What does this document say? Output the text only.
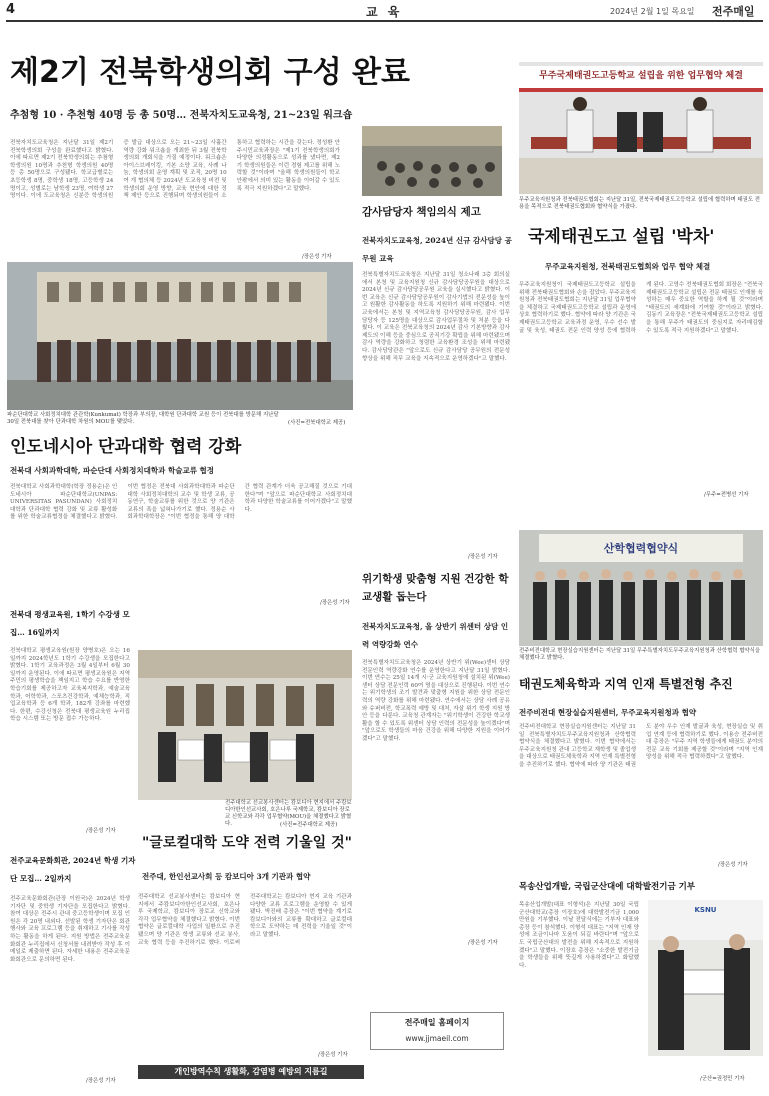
4	교 육	2024년 2월 1일 목요일 전주매일
제2기 전북학생의회 구성 완료
추첨형 10 · 추천형 40명 등 총 50명… 전북자치도교육청, 21~23일 워크숍
전북자치도교육청은 지난달 31일 제2기 전북학생의회 구성을 완료했다고 밝혔다. 이에 따르면 제2기 전북학생의회는 추첨형 학생의원 10명과 추천형 학생의원 40명 등 총 50명으로 구성됐다. 학교급별로는 초등학생 8명, 중학생 18명, 고등학생 24명이고, 성별로는 남학생 23명, 여학생 27명이다. 이에 도교육청은 신분증 학생의원증 발급 대상으로 오는 21~23일 사흘간 역량 강화 워크숍을 개최한 뒤 3월 전북학생의회 개회식을 가질 예정이다. 워크숍은 아이스브레이킹, 기본 소양 교육, 사례 나눔, 학생의회 운영 계획 및 조직, 20명 10여 개 협의체 등 2024년 도교육청 비전 및 학생의회 운영 방향, 교육 현안에 대한 정책 제안 등으로 진행되며 학생의원들이 소통하고 협력하는 시간을 갖는다. 정성환 안주시민교육과장은 "제1기 전북학생의회가 다양한 의정활동으로 성과를 냈다면, 제2기 학생의원들은 이런 경험 제고를 위해 노력할 것"이라며 "올해 학생의원들이 학교 안팎에서 의미 있는 활동을 이어갈 수 있도록 적극 지원하겠다"고 말했다.
/장은성 기자
감사담당자 책임의식 제고
전북자치도교육청, 2024년 신규 감사담당 공무원 교육
전북특별자치도교육청은 지난달 31일 청소나래 3층 회의실에서 본청 및 교육지원청 신규 감사담당공무원을 대상으로 2024년 신규 감사담당공무원 교육을 실시했다고 밝혔다. 이번 교육은 신규 감사담당공무원이 감사기법의 전문성을 높이고 원활한 감사활동을 하도록 지원하기 위해 마련됐다. 이번 교육에서는 본청 및 지역교육청 감사담당공무원, 감사 업무 담당자 등 125명을 대상으로 감사업무절차 및 처분 등을 다뤘다. 이 교육은 전북교육청의 2024년 감사 기본방향과 감사제도의 이해 등을 중심으로 공직기강 확립을 위해 마련됐으며 감사 역량을 강화하고 청렴한 교육환경 조성을 위해 마련됐다. 감사담당관은 "앞으로도 신규 감사담당 공무원의 전문성 향상을 위해 직무 교육을 지속적으로 운영하겠다"고 말했다.
/장은성 기자
무주국제태권도고등학교 설립을 위한 업무협약 체결
무주교육지원청과 전북태권도협회는 지난달 31일, 전북국제태권도고등학교 설립에 협력하며 태권도 전용을 목적으로 전북태권도협회와 협약식을 가졌다.
국제태권도고 설립 '박차'
무주교육지원청, 전북태권도협회와 업무 협약 체결
무주교육지원청이 국제태권도고등학교 설립을 위해 전북태권도협회와 손을 잡았다. 무주교육지원청과 전북태권도협회는 지난달 31일 업무협약을 체결하고 국제태권도고등학교 설립과 운영에 상호 협력하기로 했다. 협약에 따라 양 기관은 국제태권도고등학교 교육과정 운영, 우수 선수 발굴 및 육성, 태권도 전문 인력 양성 등에 협력하게 된다. 고영수 전북태권도협회 회장은 "전북국제태권도고등학교 설립은 전문 태권도 인재를 육성하는 매우 중요한 역할을 하게 될 것"이라며 "태권도의 세계화에 기여할 것"이라고 밝혔다. 김동기 교육장은 "전북국제태권도고등학교 설립을 통해 무주가 태권도의 중심지로 자리매김할 수 있도록 적극 지원하겠다"고 말했다.
/무주=전병선 기자
파순단대학교 사회정치대학 관관학(Kunkumat) 학장과 부의장, 대학원 단과대학 교원 등이 전북대를 방문해 지난달 30일 전북대를 찾아 단과대학 차원의 MOU를 맺었다.	(사진=전북대학교 제공)
인도네시아 단과대학 협력 강화
전북대 사회과학대학, 파순단대 사회정치대학과 학술교류 협정
전북대학교 사회과학대학(학장 정용순)은 인도네시아 파순단대학교(UNPAS: UNIVERSITAS PASUNDAN) 사회정치대학과 단과대학 협력 강화 및 교류 활성화를 위한 학술교류협정을 체결했다고 밝혔다. 이번 협정은 전북대 사회과학대학과 파순단대학 사회정치대학의 교수 및 학생 교류, 공동연구, 학술교류를 위한 것으로 양 기관은 교류의 폭을 넓혀나가기로 했다. 정용순 사회과학대학장은 "이번 협정을 통해 양 대학 간 협력 관계가 더욱 공고해질 것으로 기대한다"며 "앞으로 파순단대학교 사회정치대학과 다양한 학술교류를 이어가겠다"고 말했다.
/장은성 기자
위기학생 맞춤형 지원 건강한 학교생활 돕는다
전북자치도교육청, 올 상반기 위센터 상담 인력 역량강화 연수
전북특별자치도교육청은 2024년 상반기 위(Wee)센터 상담 전문인력 역량강화 연수를 운영한다고 지난달 31일 밝혔다. 이번 연수는 25일 14개 시·군 교육지원청에 설치된 위(Wee)센터 상담 전문인력 60여 명을 대상으로 진행된다. 이번 연수는 위기학생의 조기 발견과 맞춤형 지원을 위한 상담 전문인력의 역량 강화를 위해 마련됐다. 연수에서는 상담 사례 공유와 슈퍼비전, 학교폭력 예방 및 대처, 자살 위기 학생 지원 방안 등을 다룬다. 교육청 관계자는 "위기학생이 건강한 학교생활을 할 수 있도록 위센터 상담 인력의 전문성을 높이겠다"며 "앞으로도 학생들의 마음 건강을 위해 다양한 지원을 이어가겠다"고 말했다.
/장은성 기자
산학협력협약식
전주비전대학교 현장실습지원센터는 지난달 31일 무주특별자치도무주교육지원청과 산학협력 협약식을 체결했다고 밝혔다.
태권도체육학과 지역 인재 특별전형 추진
전주비전대 현장실습지원센터, 무주교육지원청과 협약
전주비전대학교 현장실습지원센터는 지난달 31일 전북특별자치도무주교육지원청과 산학협력 협약식을 체결했다고 밝혔다. 이번 협약에서는 무주교육지원청 관내 고등학교 재학생 및 졸업생을 대상으로 태권도체육학과 지역 인재 특별전형을 추진하기로 했다. 협약에 따라 양 기관은 태권도 분야 우수 인재 발굴과 육성, 현장실습 및 취업 연계 등에 협력하기로 했다. 이용승 전주비전대 총장은 "무주 지역 학생들에게 태권도 분야의 전문 교육 기회를 제공할 것"이라며 "지역 인재 양성을 위해 적극 협력하겠다"고 말했다.
/장은성 기자
전북대 평생교육원, 1학기 수강생 모집… 16일까지
전북대학교 평생교육원(원장 양병호)은 오는 16일까지 2024학년도 1학기 수강생을 모집한다고 밝혔다. 1학기 교육과정은 3월 4일부터 6월 30일까지 운영된다. 이에 따르면 평생교육원은 지역주민의 평생학습을 책임지고 학습 수요를 반영한 학습기회를 제공하고자 교육복지학과, 예술교육학과, 어학학과, 스포츠건강학과, 예체능학과, 직업교육학과 등 6개 학과, 182개 강좌를 마련했다. 한편, 수강신청은 전북대 평생교육원 누리집 학습 시스템 또는 방문 접수 가능하다.
/장은성 기자
전주교육문화회관, 2024년 학생 기자단 모집… 2일까지
전주교육문화회관(관장 이원국)은 2024년 학생 기자단 및 중학생 기자단을 모집한다고 밝혔다. 참여 대상은 전주시 관내 중고등학생이며 모집 인원은 각 20명 내외다. 선발된 학생 기자단은 회관 행사와 교육 프로그램 등을 취재하고 기사를 작성하는 활동을 하게 된다. 지원 방법은 전주교육문화회관 누리집에서 신청서를 내려받아 작성 후 이메일로 제출하면 된다. 자세한 내용은 전주교육문화회관으로 문의하면 된다.
/장은성 기자
전주대학교 선교봉사센터는 캄보디아 현지에서 주캄보디아한인선교사회, 호은나루 국제학교, 캄보디아 장로교 신학교와 각각 업무협약(MOU)을 체결했다고 밝혔다.	(사진=전주대학교 제공)
"글로컬대학 도약 전력 기울일 것"
전주대, 한인선교사회 등 캄보디아 3개 기관과 협약
전주대학교 선교봉사센터는 캄보디아 현지에서 주캄보디아한인선교사회, 호은나루 국제학교, 캄보디아 장로교 신학교와 각각 업무협약을 체결했다고 밝혔다. 이번 협약은 글로컬대학 사업의 일환으로 추진됐으며 양 기관은 학생 교류와 선교 봉사, 교육 협력 등을 추진하기로 했다. 이로써 전주대학교는 캄보디아 현지 교육 기관과 다양한 교류 프로그램을 운영할 수 있게 됐다. 박진배 총장은 "이번 협약을 계기로 캄보디아와의 교류를 확대하고 글로컬대학으로 도약하는 데 전력을 기울일 것"이라고 말했다.
/장은성 기자
전주매일 홈페이지
www.jjmaeil.com
목송산업개발, 국립군산대에 대학발전기금 기부
목송산업개발(대표 이형석)은 지난달 30일 국립군산대학교(총장 이장호)에 대학발전기금 1,000만원을 기부했다. 이날 전달식에는 기부자 대표와 총장 등이 참석했다. 이형석 대표는 "지역 인재 양성에 조금이나마 도움이 되길 바란다"며 "앞으로도 국립군산대의 발전을 위해 지속적으로 지원하겠다"고 말했다. 이장호 총장은 "소중한 발전기금을 학생들을 위해 뜻깊게 사용하겠다"고 화답했다.
KSNU
/군산=권정민 기자
개인방역수칙 생활화, 감염병 예방의 지름길
